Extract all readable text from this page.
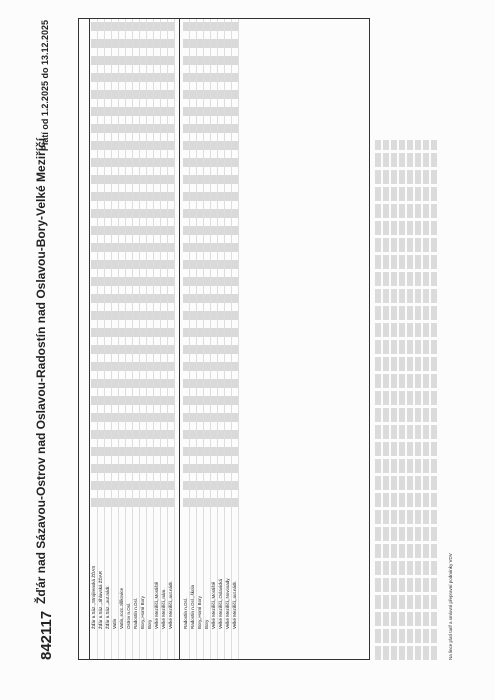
842117
Žďár nad Sázavou-Ostrov nad Oslavou-Radostín nad Oslavou-Bory-Velké Meziříčí
Platí od 1.2.2025 do 13.12.2025
Žďár n.Sáz.,,Strojírenská ŽĎAS Žďár n.Sáz.,,Jihlavská ŽĎAR Žďár n.Sáz.,,aut.nádr. Vatín Vatín,,rozc.Jiříkovice Ostrov n.Osl. Radostín n.Osl. Bory,,Horní Bory Bory Velké Meziříčí,,Mostiště Velké Meziříčí,,nám. Velké Meziříčí,,aut.nádr. Radostín n.Osl. Radostín n.Osl.,,škola Bory,,Horní Bory Bory Velké Meziříčí,,Mostiště Velké Meziříčí,,Oslavická Velké Meziříčí,,Novosady Velké Meziříčí,,aut.nádr.	Na lince platí tarif a smluvní přepravní podmínky VDV
